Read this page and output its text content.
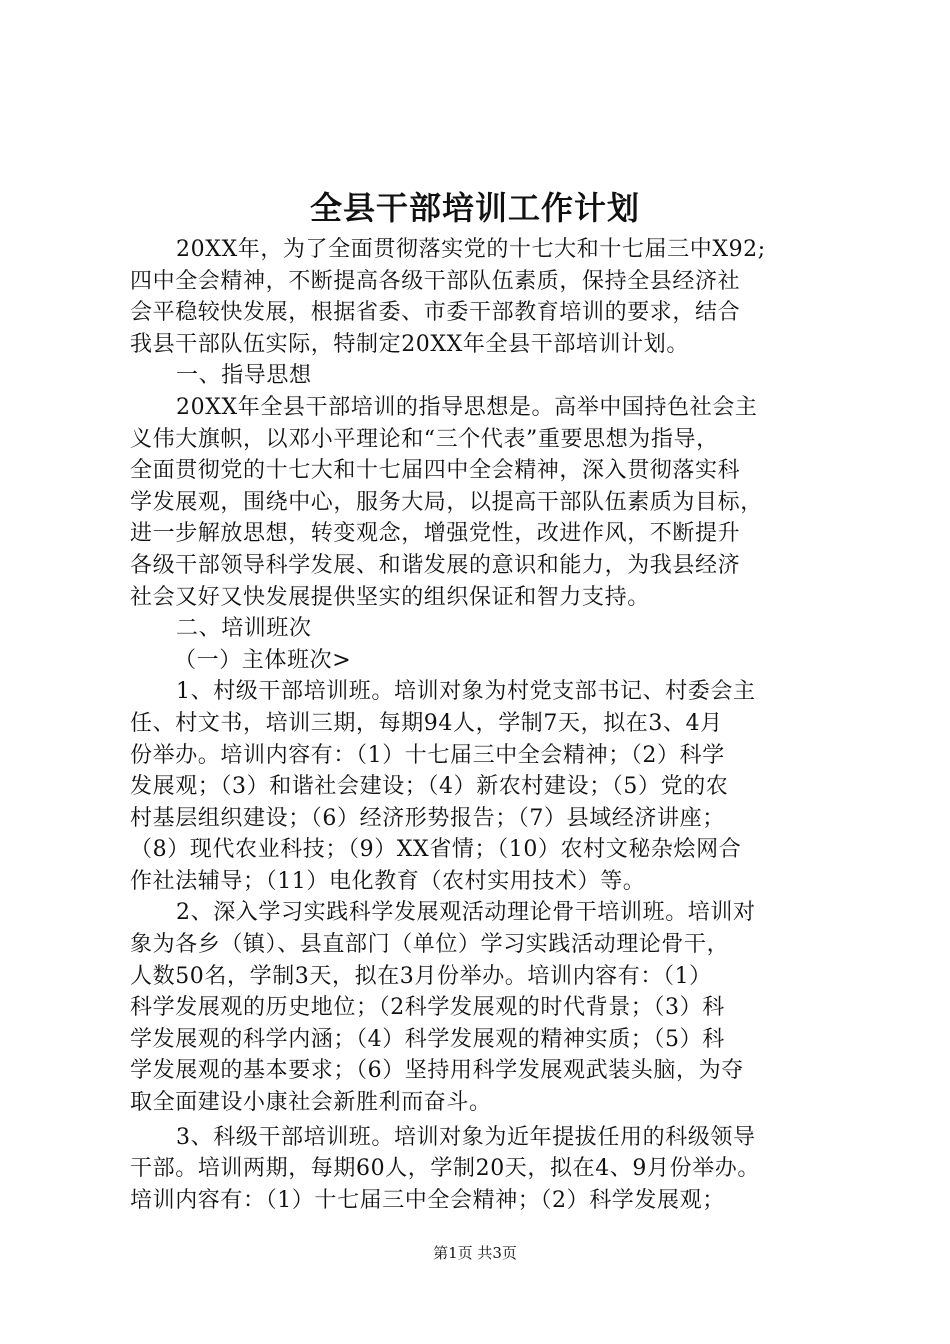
全县干部培训工作计划
20XX年，为了全面贯彻落实党的十七大和十七届三中X92;
四中全会精神，不断提高各级干部队伍素质，保持全县经济社
会平稳较快发展，根据省委、市委干部教育培训的要求，结合
我县干部队伍实际，特制定20XX年全县干部培训计划。
一、指导思想
20XX年全县干部培训的指导思想是。高举中国持色社会主
义伟大旗帜，以邓小平理论和“三个代表”重要思想为指导，
全面贯彻党的十七大和十七届四中全会精神，深入贯彻落实科
学发展观，围绕中心，服务大局，以提高干部队伍素质为目标，
进一步解放思想，转变观念，增强党性，改进作风，不断提升
各级干部领导科学发展、和谐发展的意识和能力，为我县经济
社会又好又快发展提供坚实的组织保证和智力支持。
二、培训班次
（一）主体班次>
1、村级干部培训班。培训对象为村党支部书记、村委会主
任、村文书，培训三期，每期94人，学制7天，拟在3、4月
份举办。培训内容有：（1）十七届三中全会精神；（2）科学
发展观；（3）和谐社会建设；（4）新农村建设；（5）党的农
村基层组织建设；（6）经济形势报告；（7）县域经济讲座；
（8）现代农业科技；（9）XX省情；（10）农村文秘杂烩网合
作社法辅导；（11）电化教育（农村实用技术）等。
2、深入学习实践科学发展观活动理论骨干培训班。培训对
象为各乡（镇）、县直部门（单位）学习实践活动理论骨干，
人数50名，学制3天，拟在3月份举办。培训内容有：（1）
科学发展观的历史地位；（2科学发展观的时代背景；（3）科
学发展观的科学内涵；（4）科学发展观的精神实质；（5）科
学发展观的基本要求；（6）坚持用科学发展观武装头脑，为夺
取全面建设小康社会新胜利而奋斗。
3、科级干部培训班。培训对象为近年提拔任用的科级领导
干部。培训两期，每期60人，学制20天，拟在4、9月份举办。
培训内容有：（1）十七届三中全会精神；（2）科学发展观；
第1页 共3页
